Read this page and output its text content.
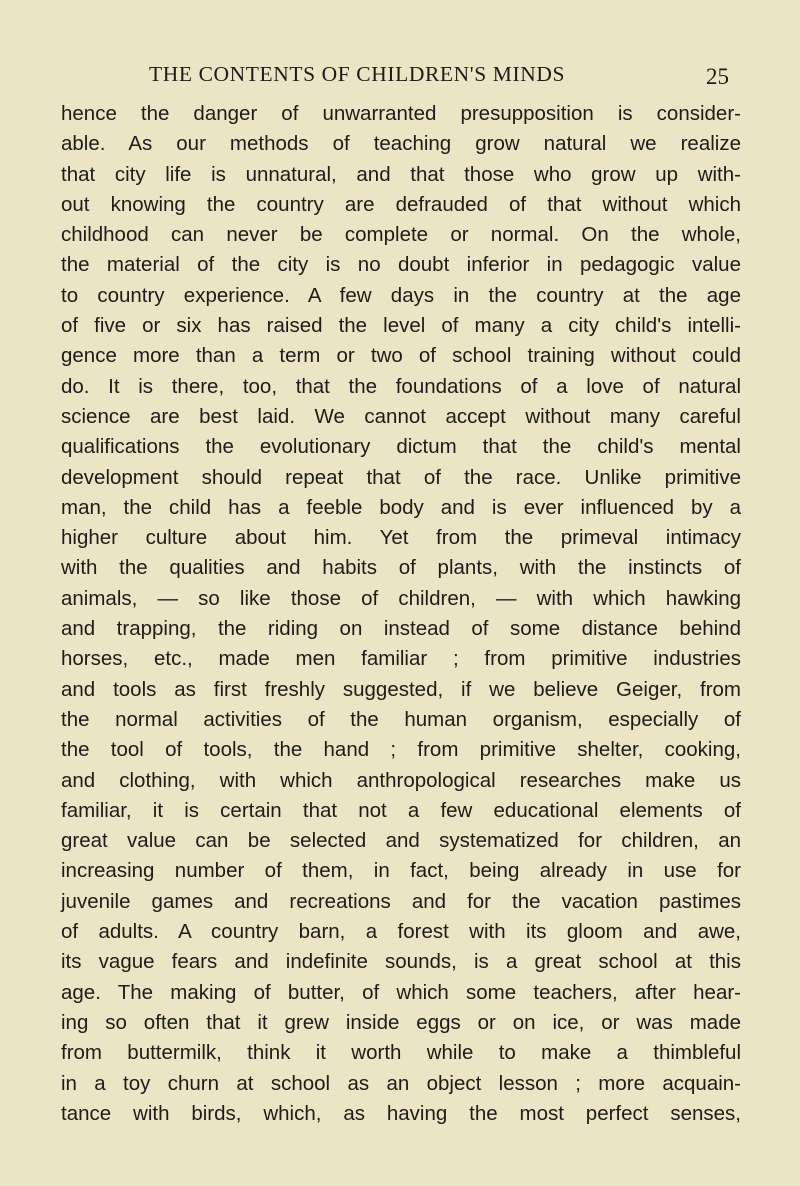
THE CONTENTS OF CHILDREN'S MINDS	25
hence the danger of unwarranted presupposition is consider-
able. As our methods of teaching grow natural we realize
that city life is unnatural, and that those who grow up with-
out knowing the country are defrauded of that without which
childhood can never be complete or normal. On the whole,
the material of the city is no doubt inferior in pedagogic value
to country experience. A few days in the country at the age
of five or six has raised the level of many a city child's intelli-
gence more than a term or two of school training without could
do. It is there, too, that the foundations of a love of natural
science are best laid. We cannot accept without many careful
qualifications the evolutionary dictum that the child's mental
development should repeat that of the race. Unlike primitive
man, the child has a feeble body and is ever influenced by a
higher culture about him. Yet from the primeval intimacy
with the qualities and habits of plants, with the instincts of
animals, — so like those of children, — with which hawking
and trapping, the riding on instead of some distance behind
horses, etc., made men familiar ; from primitive industries
and tools as first freshly suggested, if we believe Geiger, from
the normal activities of the human organism, especially of
the tool of tools, the hand ; from primitive shelter, cooking,
and clothing, with which anthropological researches make us
familiar, it is certain that not a few educational elements of
great value can be selected and systematized for children, an
increasing number of them, in fact, being already in use for
juvenile games and recreations and for the vacation pastimes
of adults. A country barn, a forest with its gloom and awe,
its vague fears and indefinite sounds, is a great school at this
age. The making of butter, of which some teachers, after hear-
ing so often that it grew inside eggs or on ice, or was made
from buttermilk, think it worth while to make a thimbleful
in a toy churn at school as an object lesson ; more acquain-
tance with birds, which, as having the most perfect senses,
